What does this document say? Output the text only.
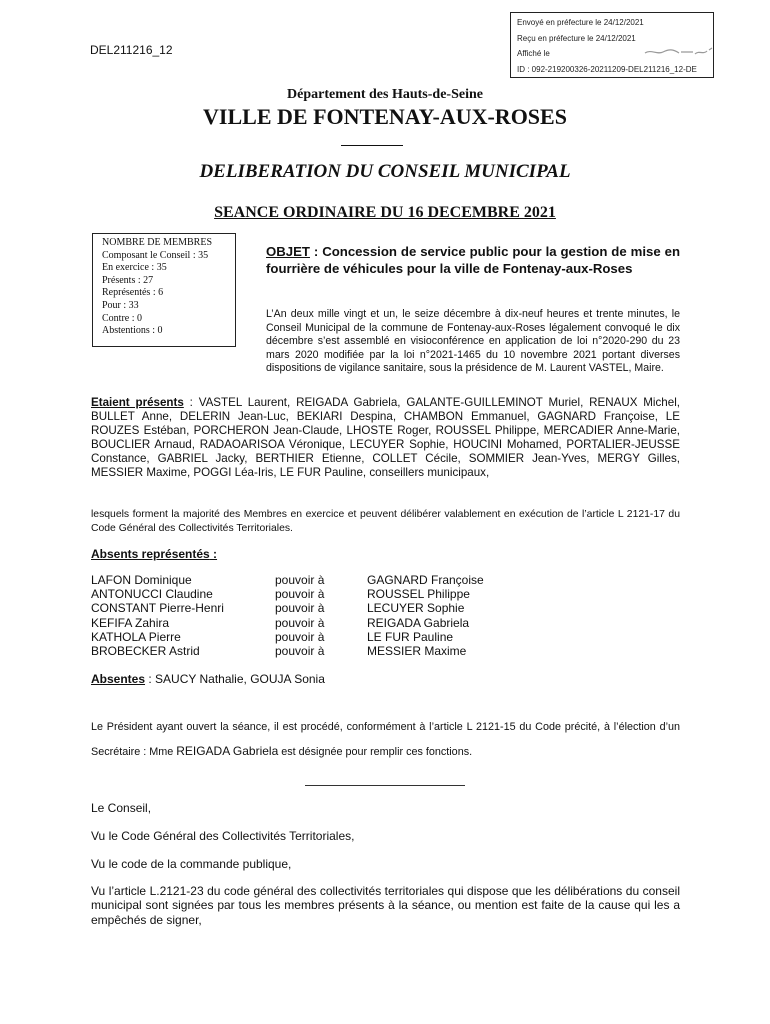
Envoyé en préfecture le 24/12/2021
Reçu en préfecture le 24/12/2021
Affiché le
ID : 092-219200326-20211209-DEL211216_12-DE
DEL211216_12
Département des Hauts-de-Seine
VILLE DE FONTENAY-AUX-ROSES
DELIBERATION DU CONSEIL MUNICIPAL
SEANCE ORDINAIRE DU 16 DECEMBRE 2021
NOMBRE DE MEMBRES
Composant le Conseil : 35
En exercice : 35
Présents : 27
Représentés : 6
Pour : 33
Contre : 0
Abstentions : 0
OBJET : Concession de service public pour la gestion de mise en fourrière de véhicules pour la ville de Fontenay-aux-Roses
L’An deux mille vingt et un, le seize décembre à dix-neuf heures et trente minutes, le Conseil Municipal de la commune de Fontenay-aux-Roses légalement convoqué le dix décembre s’est assemblé en visioconférence en application de loi n°2020-290 du 23 mars 2020 modifiée par la loi n°2021-1465 du 10 novembre 2021 portant diverses dispositions de vigilance sanitaire, sous la présidence de M. Laurent VASTEL, Maire.
Etaient présents : VASTEL Laurent, REIGADA Gabriela, GALANTE-GUILLEMINOT Muriel, RENAUX Michel, BULLET Anne, DELERIN Jean-Luc, BEKIARI Despina, CHAMBON Emmanuel, GAGNARD Françoise, LE ROUZES Estéban, PORCHERON Jean-Claude, LHOSTE Roger, ROUSSEL Philippe, MERCADIER Anne-Marie, BOUCLIER Arnaud, RADAOARISOA Véronique, LECUYER Sophie, HOUCINI Mohamed, PORTALIER-JEUSSE Constance, GABRIEL Jacky, BERTHIER Etienne, COLLET Cécile, SOMMIER Jean-Yves, MERGY Gilles, MESSIER Maxime, POGGI Léa-Iris, LE FUR Pauline, conseillers municipaux,
lesquels forment la majorité des Membres en exercice et peuvent délibérer valablement en exécution de l’article L 2121-17 du Code Général des Collectivités Territoriales.
Absents représentés :
LAFON Dominique	pouvoir à	GAGNARD Françoise
ANTONUCCI Claudine	pouvoir à	ROUSSEL Philippe
CONSTANT Pierre-Henri	pouvoir à	LECUYER Sophie
KEFIFA Zahira	pouvoir à	REIGADA Gabriela
KATHOLA Pierre	pouvoir à	LE FUR Pauline
BROBECKER Astrid	pouvoir à	MESSIER Maxime
Absentes : SAUCY Nathalie, GOUJA Sonia
Le Président ayant ouvert la séance, il est procédé, conformément à l’article L 2121-15 du Code précité, à l’élection d’un Secrétaire : Mme REIGADA Gabriela est désignée pour remplir ces fonctions.
Le Conseil,
Vu le Code Général des Collectivités Territoriales,
Vu le code de la commande publique,
Vu l’article L.2121-23 du code général des collectivités territoriales qui dispose que les délibérations du conseil municipal sont signées par tous les membres présents à la séance, ou mention est faite de la cause qui les a empêchés de signer,
